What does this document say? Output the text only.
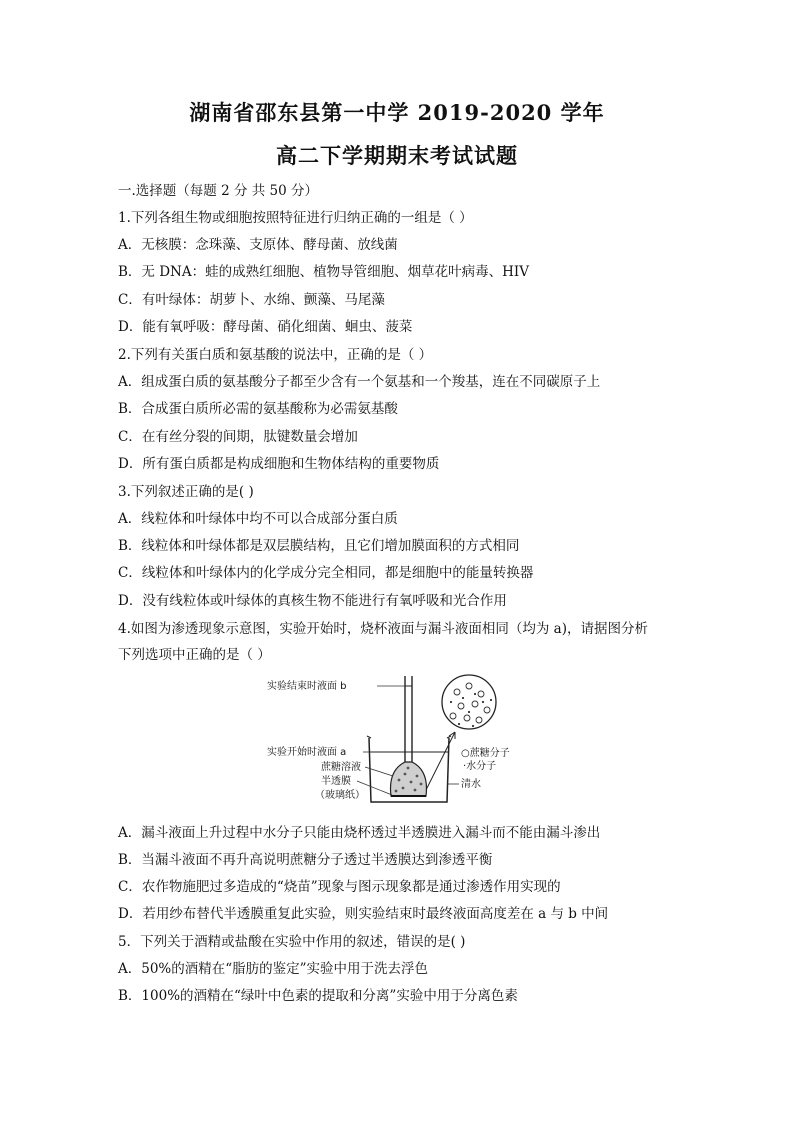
湖南省邵东县第一中学 2019-2020 学年
高二下学期期末考试试题
一.选择题（每题 2 分 共 50 分）
1.下列各组生物或细胞按照特征进行归纳正确的一组是（ ）
A．无核膜：念珠藻、支原体、酵母菌、放线菌
B．无 DNA：蛙的成熟红细胞、植物导管细胞、烟草花叶病毒、HIV
C．有叶绿体：胡萝卜、水绵、颤藻、马尾藻
D．能有氧呼吸：酵母菌、硝化细菌、蛔虫、菠菜
2.下列有关蛋白质和氨基酸的说法中，正确的是（ ）
A．组成蛋白质的氨基酸分子都至少含有一个氨基和一个羧基，连在不同碳原子上
B．合成蛋白质所必需的氨基酸称为必需氨基酸
C．在有丝分裂的间期，肽键数量会增加
D．所有蛋白质都是构成细胞和生物体结构的重要物质
3.下列叙述正确的是( )
A．线粒体和叶绿体中均不可以合成部分蛋白质
B．线粒体和叶绿体都是双层膜结构，且它们增加膜面积的方式相同
C．线粒体和叶绿体内的化学成分完全相同，都是细胞中的能量转换器
D．没有线粒体或叶绿体的真核生物不能进行有氧呼吸和光合作用
4.如图为渗透现象示意图，实验开始时，烧杯液面与漏斗液面相同（均为 a)，请据图分析
下列选项中正确的是（ ）
实验结束时液面 b
实验开始时液面 a
蔗糖溶液
半透膜
（玻璃纸）
清水
○蔗糖分子
·水分子
A．漏斗液面上升过程中水分子只能由烧杯透过半透膜进入漏斗而不能由漏斗渗出
B．当漏斗液面不再升高说明蔗糖分子透过半透膜达到渗透平衡
C．农作物施肥过多造成的“烧苗”现象与图示现象都是通过渗透作用实现的
D．若用纱布替代半透膜重复此实验，则实验结束时最终液面高度差在 a 与 b 中间
5．下列关于酒精或盐酸在实验中作用的叙述，错误的是( )
A．50%的酒精在“脂肪的鉴定”实验中用于洗去浮色
B．100%的酒精在“绿叶中色素的提取和分离”实验中用于分离色素
